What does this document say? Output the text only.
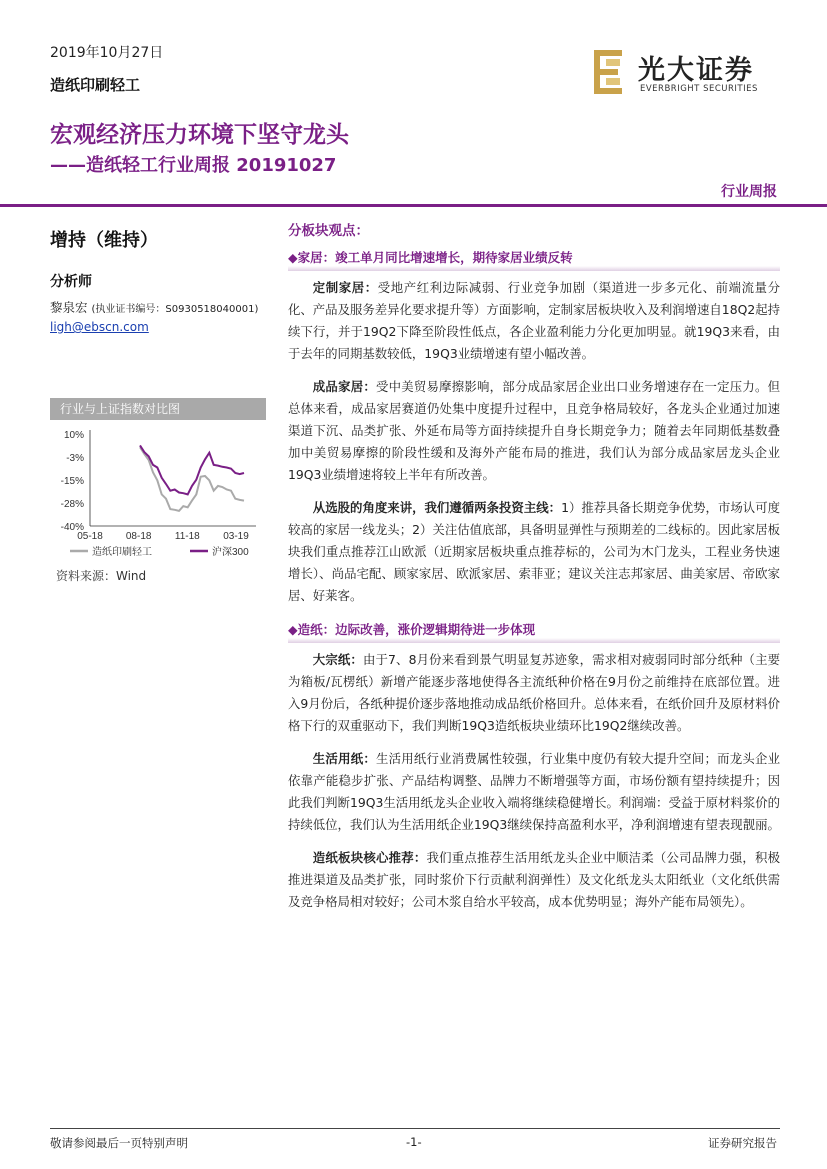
2019年10月27日
造纸印刷轻工	光大证券
EVERBRIGHT SECURITIES
宏观经济压力环境下坚守龙头
——造纸轻工行业周报 20191027
行业周报
增持（维持）
分析师
黎泉宏 (执业证书编号：S0930518040001)
ligh@ebscn.com
行业与上证指数对比图
10%
-3%
-15%
-28%
-40%
05-18 08-18 11-18 03-19
造纸印刷轻工	沪深300
资料来源：Wind
分板块观点：
◆家居：竣工单月同比增速增长，期待家居业绩反转

定制家居：受地产红利边际减弱、行业竞争加剧（渠道进一步多元化、前端流量分化、产品及服务差异化要求提升等）方面影响，定制家居板块收入及利润增速自18Q2起持续下行，并于19Q2下降至阶段性低点，各企业盈利能力分化更加明显。就19Q3来看，由于去年的同期基数较低，19Q3业绩增速有望小幅改善。

成品家居：受中美贸易摩擦影响，部分成品家居企业出口业务增速存在一定压力。但总体来看，成品家居赛道仍处集中度提升过程中，且竞争格局较好，各龙头企业通过加速渠道下沉、品类扩张、外延布局等方面持续提升自身长期竞争力；随着去年同期低基数叠加中美贸易摩擦的阶段性缓和及海外产能布局的推进，我们认为部分成品家居龙头企业19Q3业绩增速将较上半年有所改善。

从选股的角度来讲，我们遵循两条投资主线：1）推荐具备长期竞争优势，市场认可度较高的家居一线龙头；2）关注估值底部，具备明显弹性与预期差的二线标的。因此家居板块我们重点推荐江山欧派（近期家居板块重点推荐标的，公司为木门龙头，工程业务快速增长）、尚品宅配、顾家家居、欧派家居、索菲亚；建议关注志邦家居、曲美家居、帝欧家居、好莱客。

◆造纸：边际改善，涨价逻辑期待进一步体现

大宗纸：由于7、8月份来看到景气明显复苏迹象，需求相对疲弱同时部分纸种（主要为箱板/瓦楞纸）新增产能逐步落地使得各主流纸种价格在9月份之前维持在底部位置。进入9月份后，各纸种提价逐步落地推动成品纸价格回升。总体来看，在纸价回升及原材料价格下行的双重驱动下，我们判断19Q3造纸板块业绩环比19Q2继续改善。

生活用纸：生活用纸行业消费属性较强，行业集中度仍有较大提升空间；而龙头企业依靠产能稳步扩张、产品结构调整、品牌力不断增强等方面，市场份额有望持续提升；因此我们判断19Q3生活用纸龙头企业收入端将继续稳健增长。利润端：受益于原材料浆价的持续低位，我们认为生活用纸企业19Q3继续保持高盈利水平，净利润增速有望表现靓丽。

造纸板块核心推荐：我们重点推荐生活用纸龙头企业中顺洁柔（公司品牌力强，积极推进渠道及品类扩张，同时浆价下行贡献利润弹性）及文化纸龙头太阳纸业（文化纸供需及竞争格局相对较好；公司木浆自给水平较高，成本优势明显；海外产能布局领先）。

敬请参阅最后一页特别声明	-1-	证券研究报告
